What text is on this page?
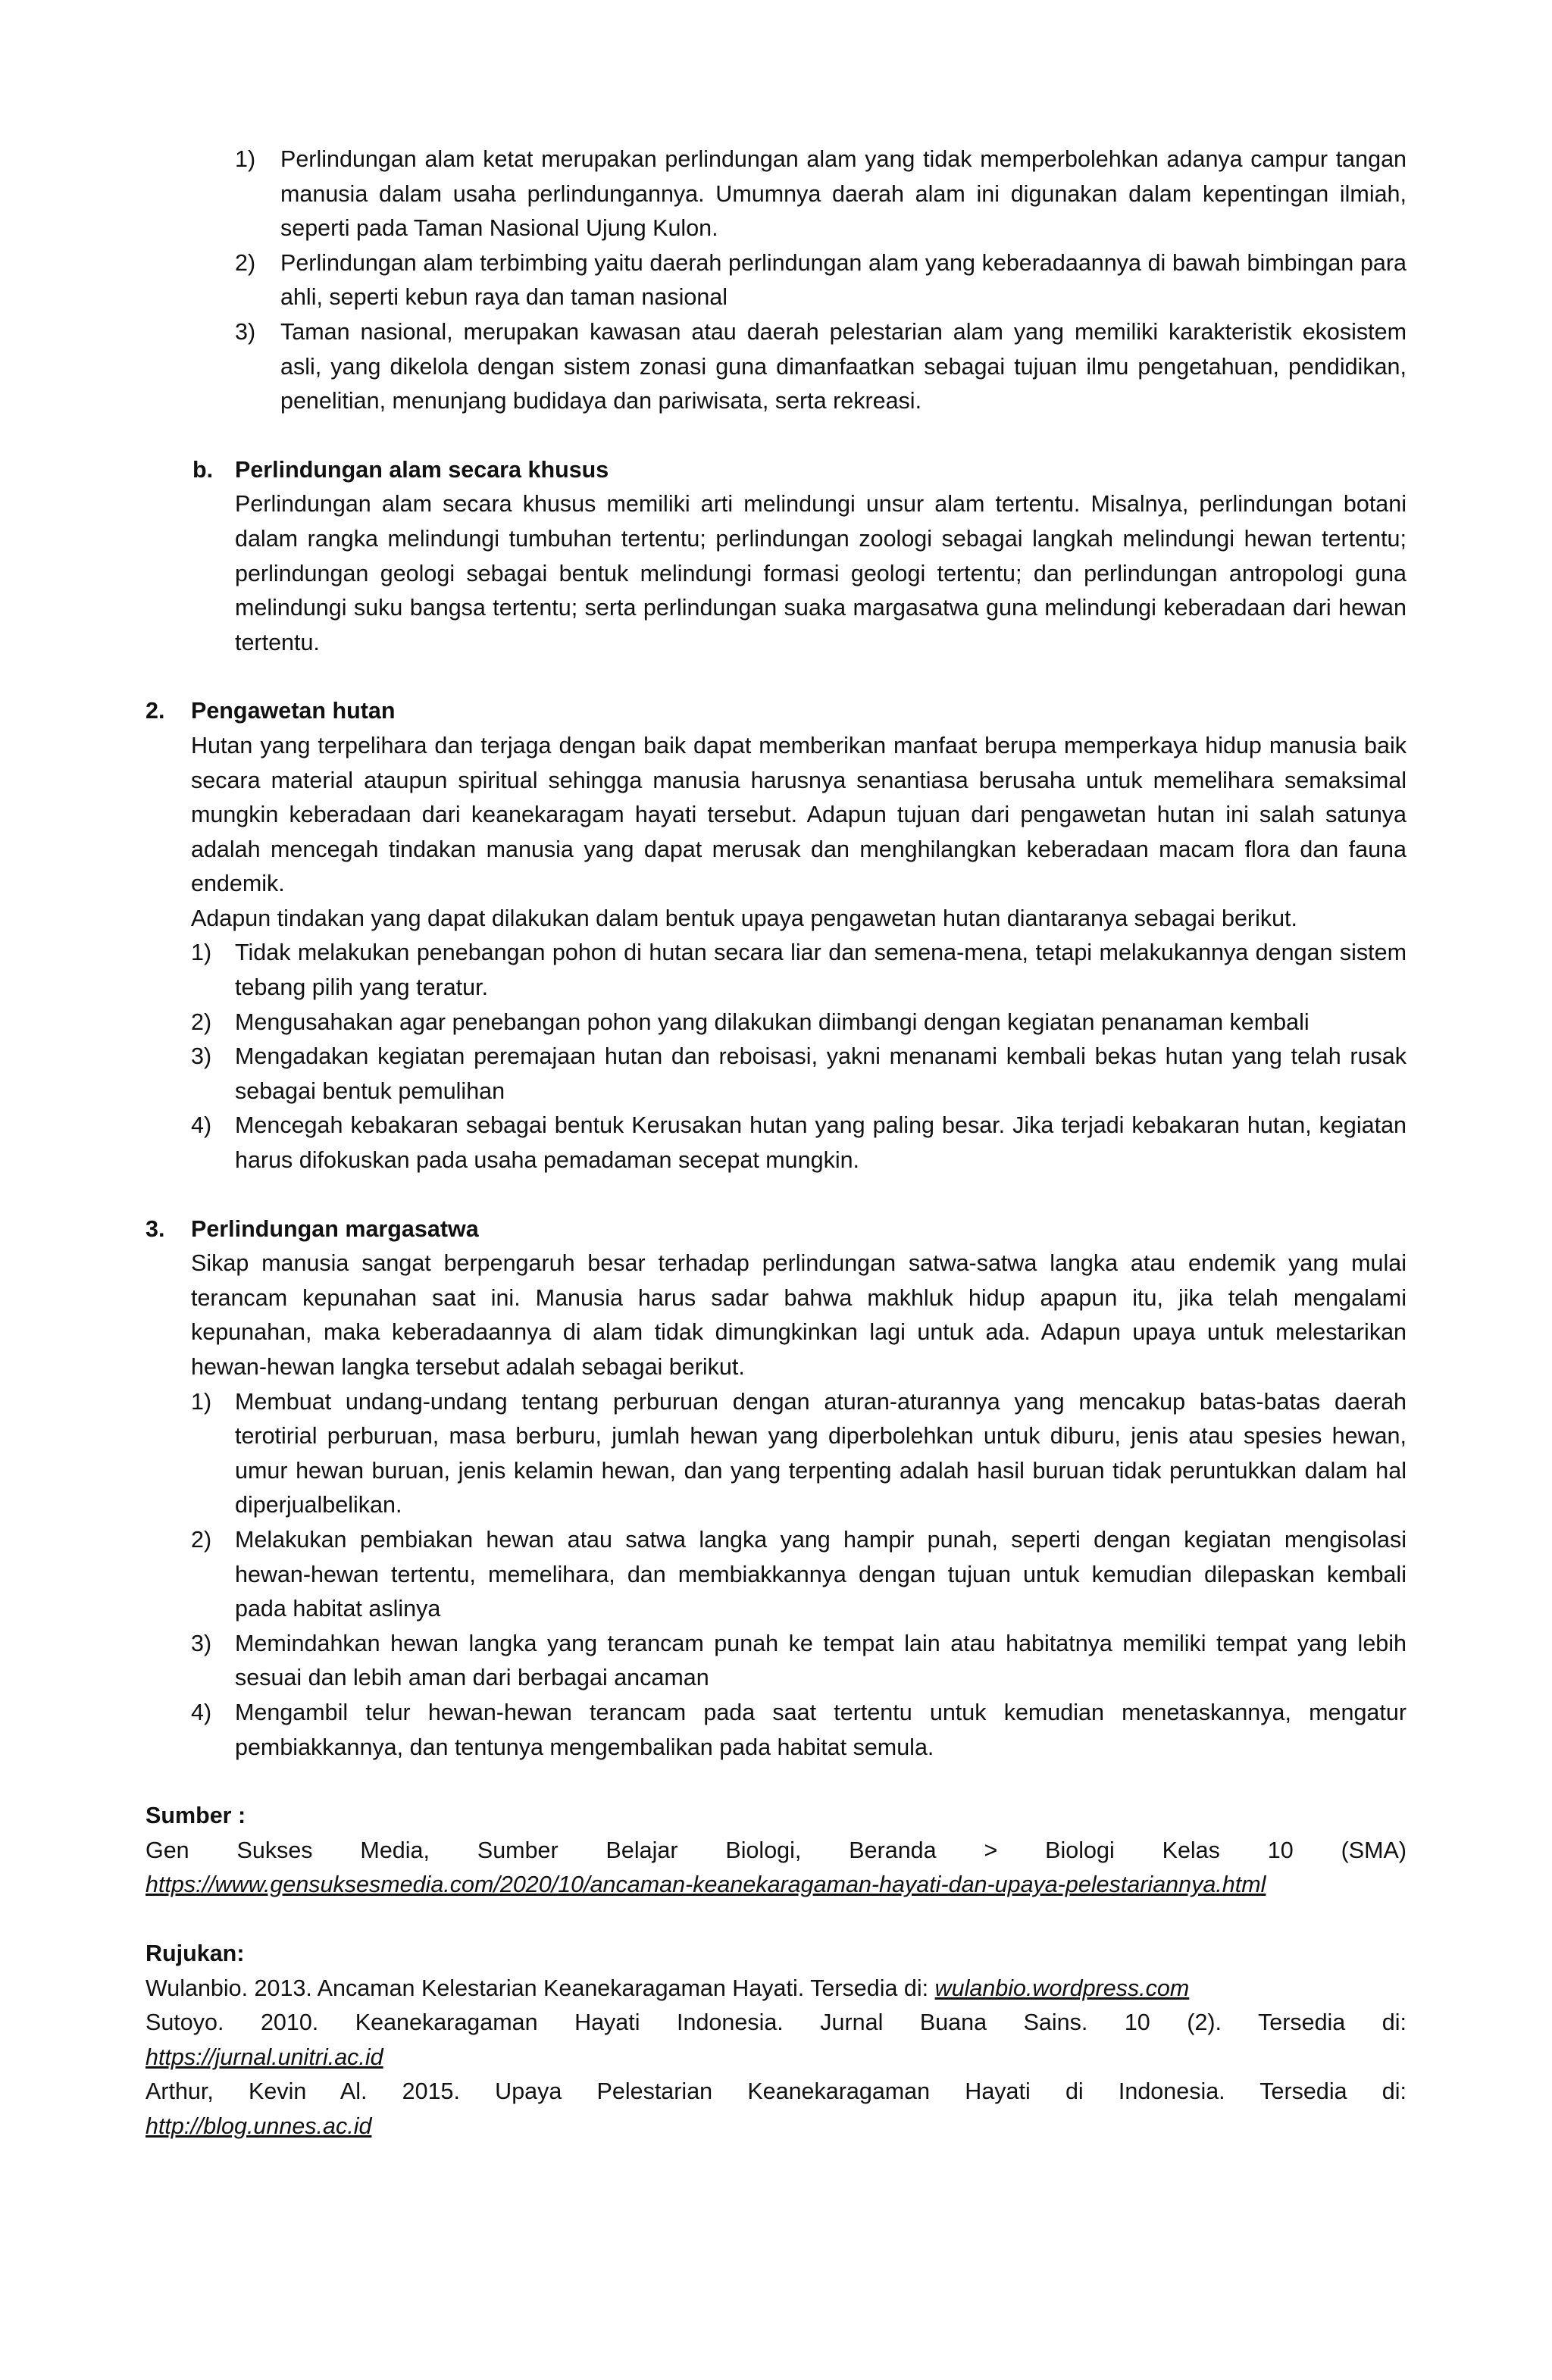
1)	Perlindungan alam ketat merupakan perlindungan alam yang tidak memperbolehkan adanya campur tangan manusia dalam usaha perlindungannya. Umumnya daerah alam ini digunakan dalam kepentingan ilmiah, seperti pada Taman Nasional Ujung Kulon.
2)	Perlindungan alam terbimbing yaitu daerah perlindungan alam yang keberadaannya di bawah bimbingan para ahli, seperti kebun raya dan taman nasional
3)	Taman nasional, merupakan kawasan atau daerah pelestarian alam yang memiliki karakteristik ekosistem asli, yang dikelola dengan sistem zonasi guna dimanfaatkan sebagai tujuan ilmu pengetahuan, pendidikan, penelitian, menunjang budidaya dan pariwisata, serta rekreasi.
b. Perlindungan alam secara khusus

Perlindungan alam secara khusus memiliki arti melindungi unsur alam tertentu. Misalnya, perlindungan botani dalam rangka melindungi tumbuhan tertentu; perlindungan zoologi sebagai langkah melindungi hewan tertentu; perlindungan geologi sebagai bentuk melindungi formasi geologi tertentu; dan perlindungan antropologi guna melindungi suku bangsa tertentu; serta perlindungan suaka margasatwa guna melindungi keberadaan dari hewan tertentu.

2.	Pengawetan hutan

Hutan yang terpelihara dan terjaga dengan baik dapat memberikan manfaat berupa memperkaya hidup manusia baik secara material ataupun spiritual sehingga manusia harusnya senantiasa berusaha untuk memelihara semaksimal mungkin keberadaan dari keanekaragam hayati tersebut. Adapun tujuan dari pengawetan hutan ini salah satunya adalah mencegah tindakan manusia yang dapat merusak dan menghilangkan keberadaan macam flora dan fauna endemik.

Adapun tindakan yang dapat dilakukan dalam bentuk upaya pengawetan hutan diantaranya sebagai berikut.

1)	Tidak melakukan penebangan pohon di hutan secara liar dan semena-mena, tetapi melakukannya dengan sistem tebang pilih yang teratur.
2)	Mengusahakan agar penebangan pohon yang dilakukan diimbangi dengan kegiatan penanaman kembali
3)	Mengadakan kegiatan peremajaan hutan dan reboisasi, yakni menanami kembali bekas hutan yang telah rusak sebagai bentuk pemulihan
4)	Mencegah kebakaran sebagai bentuk Kerusakan hutan yang paling besar. Jika terjadi kebakaran hutan, kegiatan harus difokuskan pada usaha pemadaman secepat mungkin.
3.	Perlindungan margasatwa

Sikap manusia sangat berpengaruh besar terhadap perlindungan satwa-satwa langka atau endemik yang mulai terancam kepunahan saat ini. Manusia harus sadar bahwa makhluk hidup apapun itu, jika telah mengalami kepunahan, maka keberadaannya di alam tidak dimungkinkan lagi untuk ada. Adapun upaya untuk melestarikan hewan-hewan langka tersebut adalah sebagai berikut.

1)	Membuat undang-undang tentang perburuan dengan aturan-aturannya yang mencakup batas-batas daerah terotirial perburuan, masa berburu, jumlah hewan yang diperbolehkan untuk diburu, jenis atau spesies hewan, umur hewan buruan, jenis kelamin hewan, dan yang terpenting adalah hasil buruan tidak peruntukkan dalam hal diperjualbelikan.
2)	Melakukan pembiakan hewan atau satwa langka yang hampir punah, seperti dengan kegiatan mengisolasi hewan-hewan tertentu, memelihara, dan membiakkannya dengan tujuan untuk kemudian dilepaskan kembali pada habitat aslinya
3)	Memindahkan hewan langka yang terancam punah ke tempat lain atau habitatnya memiliki tempat yang lebih sesuai dan lebih aman dari berbagai ancaman
4)	Mengambil telur hewan-hewan terancam pada saat tertentu untuk kemudian menetaskannya, mengatur pembiakkannya, dan tentunya mengembalikan pada habitat semula.

Sumber :

Gen Sukses Media, Sumber Belajar Biologi, Beranda > Biologi Kelas 10 (SMA)

https://www.gensuksesmedia.com/2020/10/ancaman-keanekaragaman-hayati-dan-upaya-pelestariannya.html

Rujukan:

Wulanbio. 2013. Ancaman Kelestarian Keanekaragaman Hayati. Tersedia di: wulanbio.wordpress.com

Sutoyo. 2010. Keanekaragaman Hayati Indonesia. Jurnal Buana Sains. 10 (2). Tersedia di:

https://jurnal.unitri.ac.id

Arthur, Kevin Al. 2015. Upaya Pelestarian Keanekaragaman Hayati di Indonesia. Tersedia di:

http://blog.unnes.ac.id
